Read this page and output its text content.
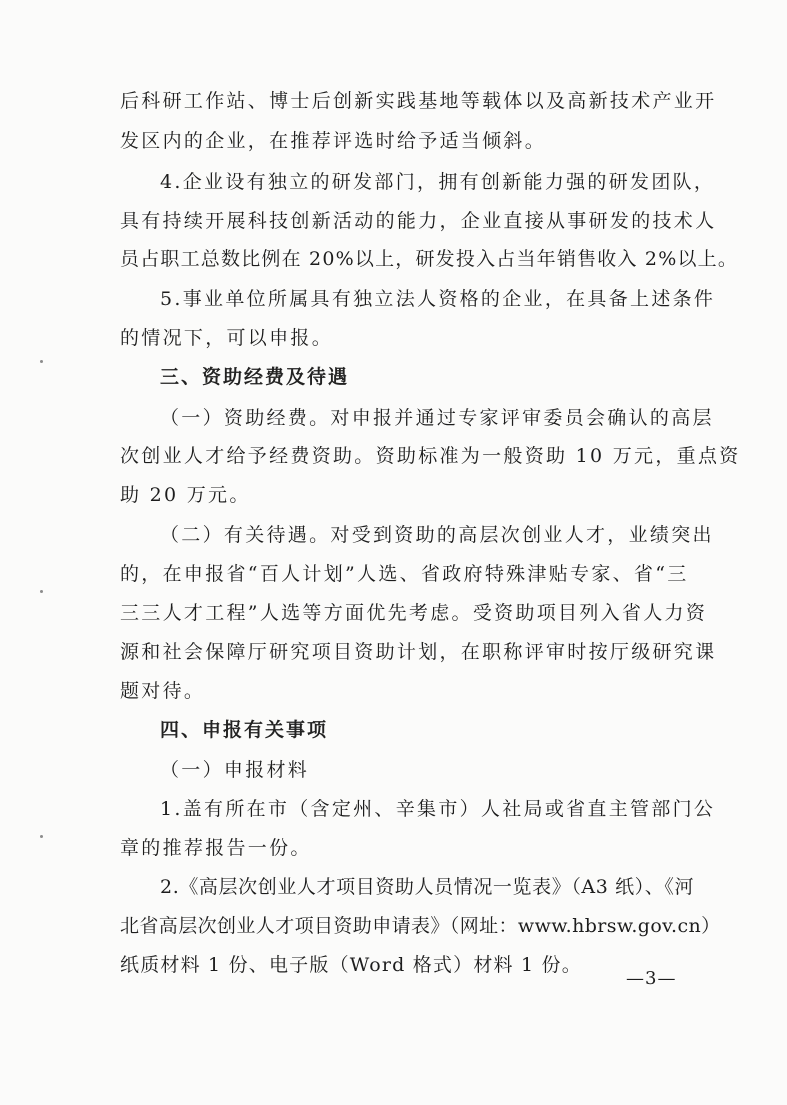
后科研工作站、博士后创新实践基地等载体以及高新技术产业开
发区内的企业，在推荐评选时给予适当倾斜。
4.企业设有独立的研发部门，拥有创新能力强的研发团队，
具有持续开展科技创新活动的能力，企业直接从事研发的技术人
员占职工总数比例在 20%以上，研发投入占当年销售收入 2%以上。
5.事业单位所属具有独立法人资格的企业，在具备上述条件
的情况下，可以申报。
三、资助经费及待遇
（一）资助经费。对申报并通过专家评审委员会确认的高层
次创业人才给予经费资助。资助标准为一般资助 10 万元，重点资
助 20 万元。
（二）有关待遇。对受到资助的高层次创业人才，业绩突出
的，在申报省“百人计划”人选、省政府特殊津贴专家、省“三
三三人才工程”人选等方面优先考虑。受资助项目列入省人力资
源和社会保障厅研究项目资助计划，在职称评审时按厅级研究课
题对待。
四、申报有关事项
（一）申报材料
1.盖有所在市（含定州、辛集市）人社局或省直主管部门公
章的推荐报告一份。
2.《高层次创业人才项目资助人员情况一览表》（A3 纸）、《河
北省高层次创业人才项目资助申请表》（网址：www.hbrsw.gov.cn）
纸质材料 1 份、电子版（Word 格式）材料 1 份。
—3—
